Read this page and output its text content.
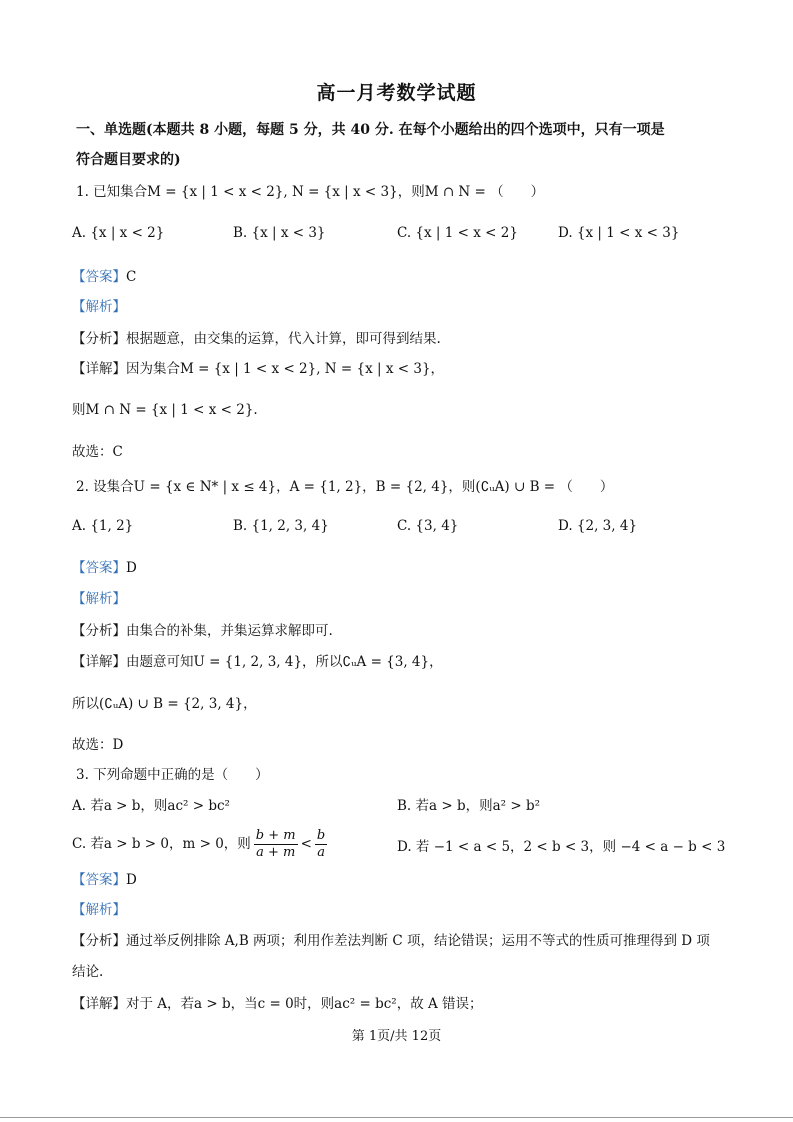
高一月考数学试题
一、单选题(本题共 8 小题，每题 5 分，共 40 分. 在每个小题给出的四个选项中，只有一项是
符合题目要求的)
1. 已知集合M = {x | 1 < x < 2}, N = {x | x < 3}，则M ∩ N = （　　）
A. {x | x < 2}	B. {x | x < 3}	C. {x | 1 < x < 2}	D. {x | 1 < x < 3}
【答案】C
【解析】
【分析】根据题意，由交集的运算，代入计算，即可得到结果.
【详解】因为集合M = {x | 1 < x < 2}, N = {x | x < 3}，
则M ∩ N = {x | 1 < x < 2}.
故选：C
2. 设集合U = {x ∈ N* | x ≤ 4}，A = {1, 2}，B = {2, 4}，则(∁ᵤA) ∪ B = （　　）
A. {1, 2}	B. {1, 2, 3, 4}	C. {3, 4}	D. {2, 3, 4}
【答案】D
【解析】
【分析】由集合的补集，并集运算求解即可.
【详解】由题意可知U = {1, 2, 3, 4}，所以∁ᵤA = {3, 4}，
所以(∁ᵤA) ∪ B = {2, 3, 4}，
故选：D
3. 下列命题中正确的是（　　）
A. 若a > b，则ac² > bc²	B. 若a > b，则a² > b²
C. 若a > b > 0，m > 0，则 $\frac{b + m}{a + m} < \frac{b}{a}$	D. 若 −1 < a < 5，2 < b < 3，则 −4 < a − b < 3
【答案】D
【解析】
【分析】通过举反例排除 A,B 两项；利用作差法判断 C 项，结论错误；运用不等式的性质可推理得到 D 项
结论.
【详解】对于 A，若a > b，当c = 0时，则ac² = bc²，故 A 错误；
第 1页/共 12页
